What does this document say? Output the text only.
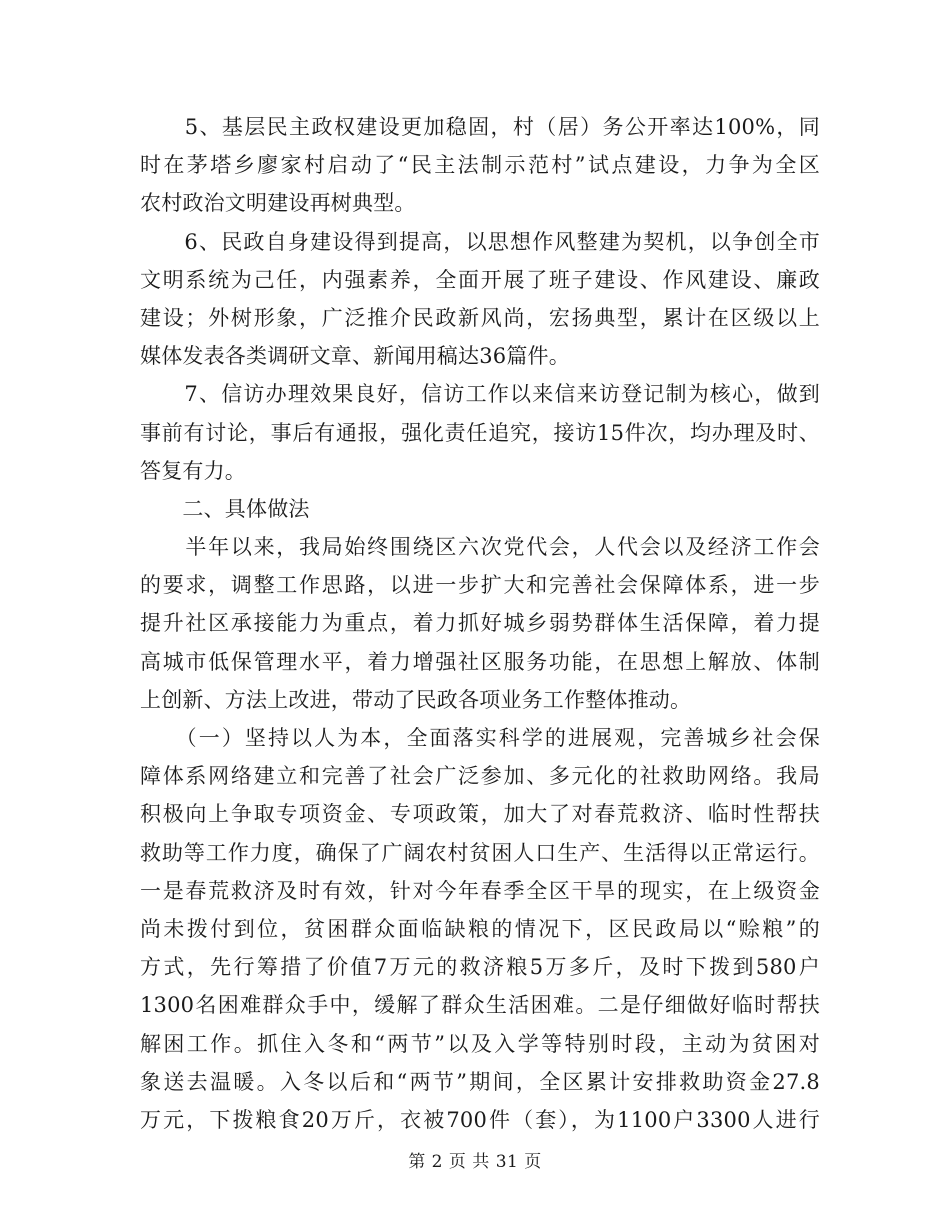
　　5、基层民主政权建设更加稳固，村（居）务公开率达100%，同
时在茅塔乡廖家村启动了“民主法制示范村”试点建设，力争为全区
农村政治文明建设再树典型。
　　6、民政自身建设得到提高，以思想作风整建为契机，以争创全市
文明系统为己任，内强素养，全面开展了班子建设、作风建设、廉政
建设；外树形象，广泛推介民政新风尚，宏扬典型，累计在区级以上
媒体发表各类调研文章、新闻用稿达36篇件。
　　7、信访办理效果良好，信访工作以来信来访登记制为核心，做到
事前有讨论，事后有通报，强化责任追究，接访15件次，均办理及时、
答复有力。
　　二、具体做法
　　半年以来，我局始终围绕区六次党代会，人代会以及经济工作会
的要求，调整工作思路，以进一步扩大和完善社会保障体系，进一步
提升社区承接能力为重点，着力抓好城乡弱势群体生活保障，着力提
高城市低保管理水平，着力增强社区服务功能，在思想上解放、体制
上创新、方法上改进，带动了民政各项业务工作整体推动。
　　（一）坚持以人为本，全面落实科学的进展观，完善城乡社会保
障体系网络建立和完善了社会广泛参加、多元化的社救助网络。我局
积极向上争取专项资金、专项政策，加大了对春荒救济、临时性帮扶
救助等工作力度，确保了广阔农村贫困人口生产、生活得以正常运行。
一是春荒救济及时有效，针对今年春季全区干旱的现实，在上级资金
尚未拨付到位，贫困群众面临缺粮的情况下，区民政局以“赊粮”的
方式，先行筹措了价值7万元的救济粮5万多斤，及时下拨到580户
1300名困难群众手中，缓解了群众生活困难。二是仔细做好临时帮扶
解困工作。抓住入冬和“两节”以及入学等特别时段，主动为贫困对
象送去温暖。入冬以后和“两节”期间，全区累计安排救助资金27.8
万元，下拨粮食20万斤，衣被700件（套），为1100户3300人进行
第 2 页 共 31 页
